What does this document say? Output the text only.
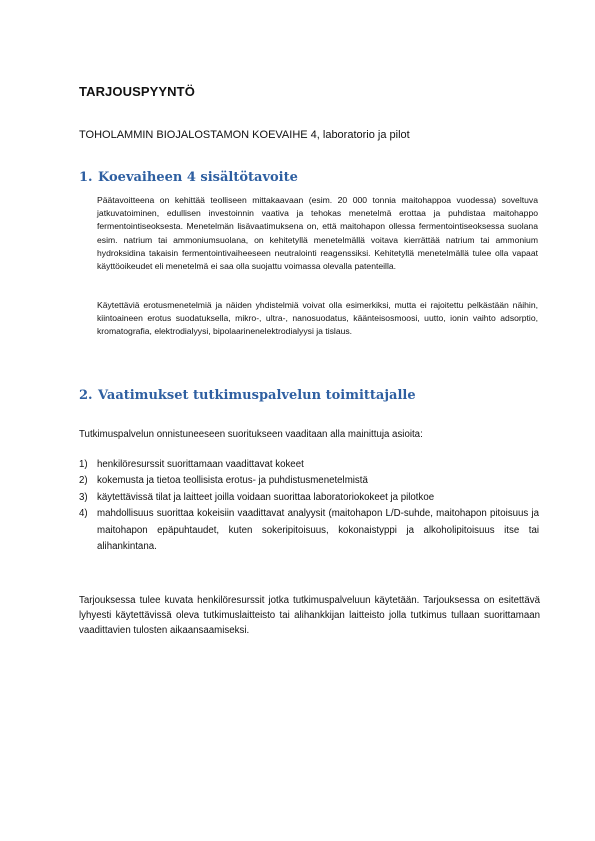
TARJOUSPYYNTÖ
TOHOLAMMIN BIOJALOSTAMON KOEVAIHE 4, laboratorio ja pilot
1. Koevaiheen 4 sisältötavoite

Päätavoitteena on kehittää teolliseen mittakaavaan (esim. 20 000 tonnia maitohappoa vuodessa) soveltuva jatkuvatoiminen, edullisen investoinnin vaativa ja tehokas menetelmä erottaa ja puhdistaa maitohappo fermentointiseoksesta. Menetelmän lisävaatimuksena on, että maitohapon ollessa fermentointiseoksessa suolana esim. natrium tai ammoniumsuolana, on kehitetyllä menetelmällä voitava kierrättää natrium tai ammonium hydroksidina takaisin fermentointivaiheeseen neutralointi reagenssiksi. Kehitetyllä menetelmällä tulee olla vapaat käyttöoikeudet eli menetelmä ei saa olla suojattu voimassa olevalla patenteilla.

Käytettäviä erotusmenetelmiä ja näiden yhdistelmiä voivat olla esimerkiksi, mutta ei rajoitettu pelkästään näihin, kiintoaineen erotus suodatuksella, mikro-, ultra-, nanosuodatus, käänteisosmoosi, uutto, ionin vaihto adsorptio, kromatografia, elektrodialyysi, bipolaarinenelektrodialyysi ja tislaus.

2. Vaatimukset tutkimuspalvelun toimittajalle

Tutkimuspalvelun onnistuneeseen suoritukseen vaaditaan alla mainittuja asioita:

1) henkilöresurssit suorittamaan vaadittavat kokeet
2) kokemusta ja tietoa teollisista erotus- ja puhdistusmenetelmistä
3) käytettävissä tilat ja laitteet joilla voidaan suorittaa laboratoriokokeet ja pilotkoe
4) mahdollisuus suorittaa kokeisiin vaadittavat analyysit (maitohapon L/D-suhde, maitohapon pitoisuus ja maitohapon epäpuhtaudet, kuten sokeripitoisuus, kokonaistyppi ja alkoholipitoisuus itse tai alihankintana.

Tarjouksessa tulee kuvata henkilöresurssit jotka tutkimuspalveluun käytetään. Tarjouksessa on esitettävä lyhyesti käytettävissä oleva tutkimuslaitteisto tai alihankkijan laitteisto jolla tutkimus tullaan suorittamaan vaadittavien tulosten aikaansaamiseksi.
